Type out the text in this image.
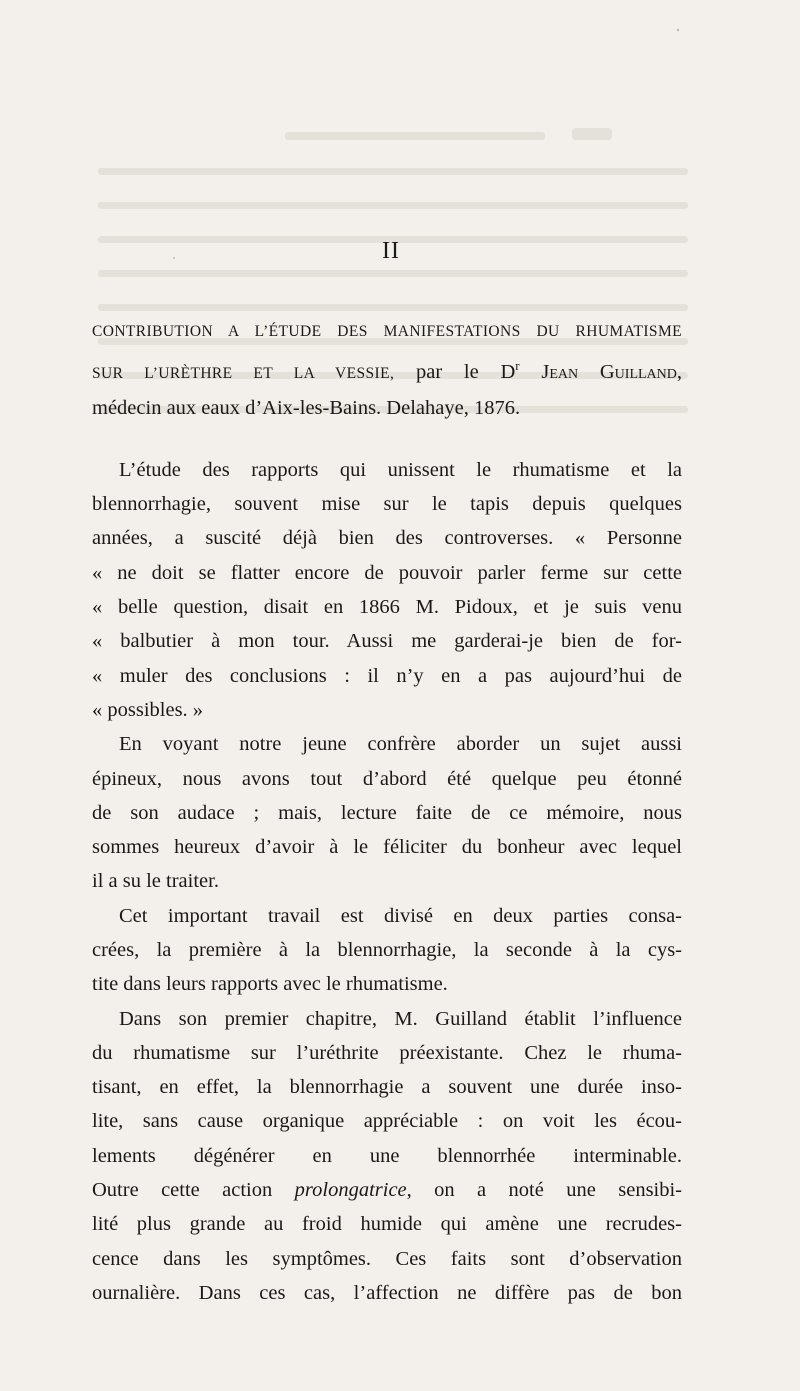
II
CONTRIBUTION A L’ÉTUDE DES MANIFESTATIONS DU RHUMATISME
SUR L’URÈTHRE ET LA VESSIE, par le $D^r$ Jean Guilland,
médecin aux eaux d’Aix-les-Bains. Delahaye, 1876.
L’étude des rapports qui unissent le rhumatisme et la
blennorrhagie, souvent mise sur le tapis depuis quelques
années, a suscité déjà bien des controverses. « Personne
« ne doit se flatter encore de pouvoir parler ferme sur cette
« belle question, disait en 1866 M. Pidoux, et je suis venu
« balbutier à mon tour. Aussi me garderai-je bien de for-
« muler des conclusions : il n’y en a pas aujourd’hui de
« possibles. »
En voyant notre jeune confrère aborder un sujet aussi
épineux, nous avons tout d’abord été quelque peu étonné
de son audace ; mais, lecture faite de ce mémoire, nous
sommes heureux d’avoir à le féliciter du bonheur avec lequel
il a su le traiter.
Cet important travail est divisé en deux parties consa-
crées, la première à la blennorrhagie, la seconde à la cys-
tite dans leurs rapports avec le rhumatisme.
Dans son premier chapitre, M. Guilland établit l’influence
du rhumatisme sur l’uréthrite préexistante. Chez le rhuma-
tisant, en effet, la blennorrhagie a souvent une durée inso-
lite, sans cause organique appréciable : on voit les écou-
lements dégénérer en une blennorrhée interminable.
Outre cette action prolongatrice, on a noté une sensibi-
lité plus grande au froid humide qui amène une recrudes-
cence dans les symptômes. Ces faits sont d’observation
ournalière. Dans ces cas, l’affection ne diffère pas de bon
